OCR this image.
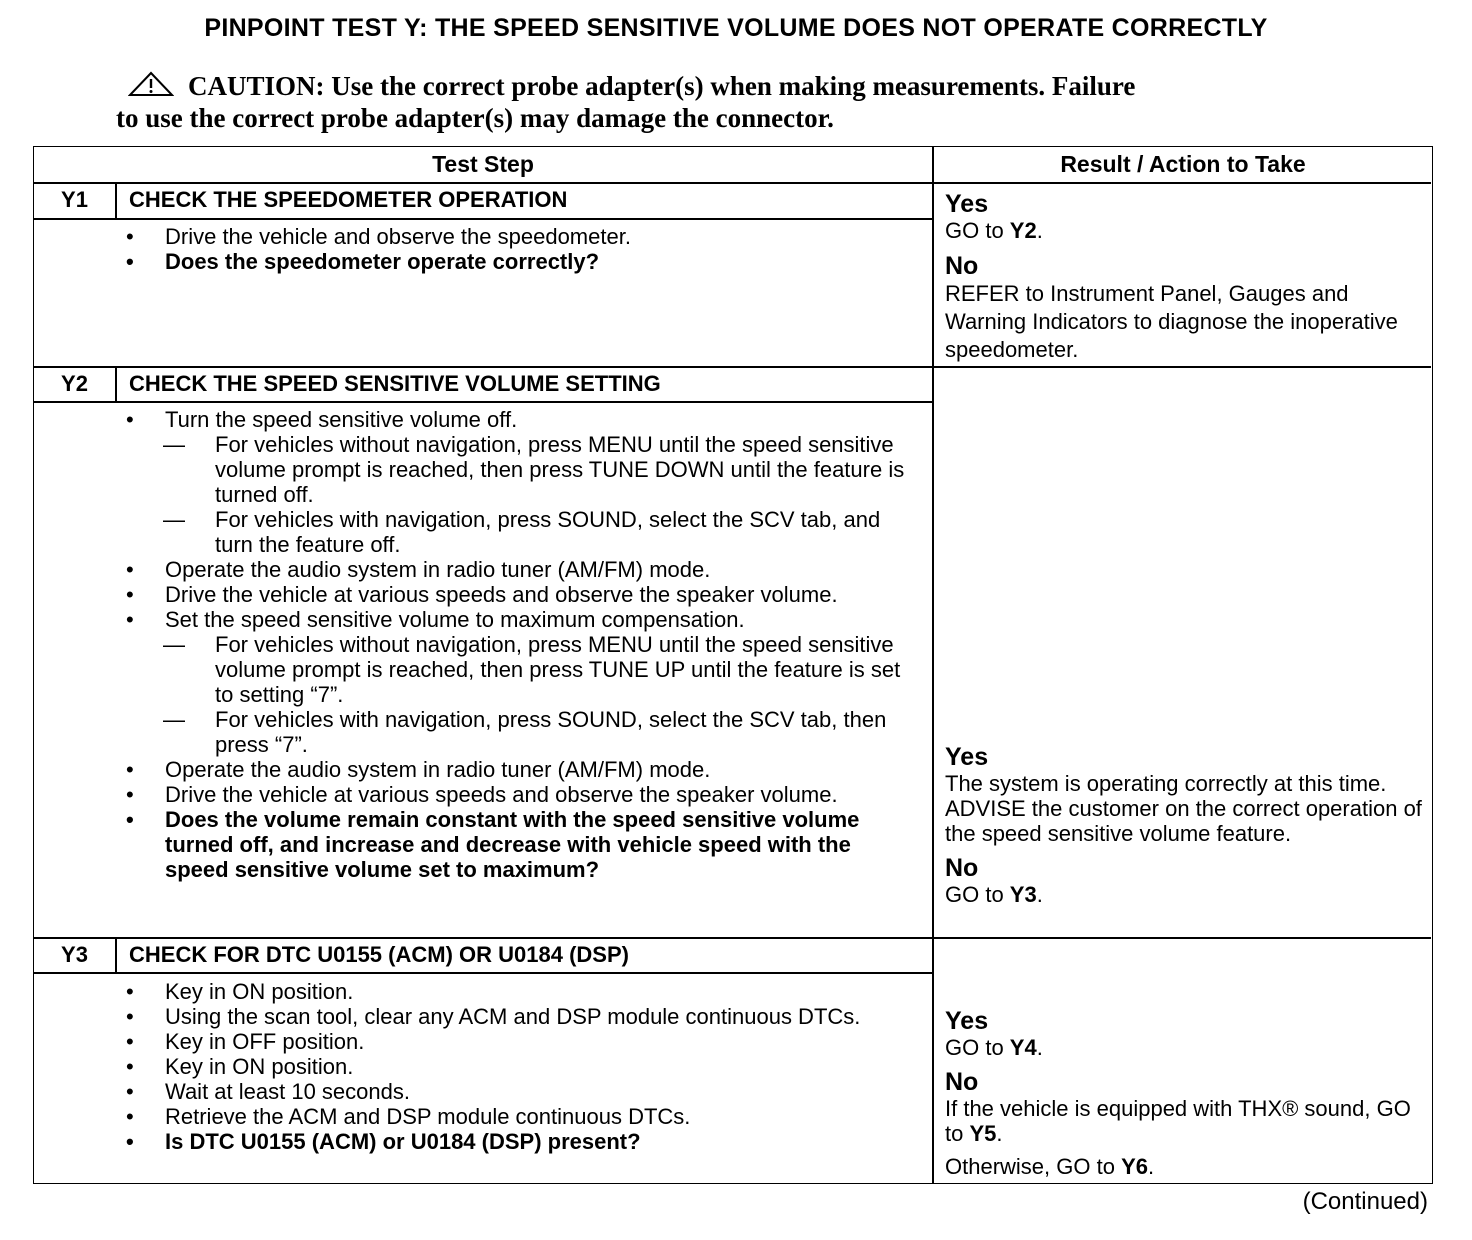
PINPOINT TEST Y: THE SPEED SENSITIVE VOLUME DOES NOT OPERATE CORRECTLY
CAUTION: Use the correct probe adapter(s) when making measurements. Failure
to use the correct probe adapter(s) may damage the connector.
Test Step	Result / Action to Take
Y1	CHECK THE SPEEDOMETER OPERATION
• Drive the vehicle and observe the speedometer.
• Does the speedometer operate correctly?
Yes
GO to Y2.
No
REFER to Instrument Panel, Gauges and Warning Indicators to diagnose the inoperative speedometer.
Y2	CHECK THE SPEED SENSITIVE VOLUME SETTING
• Turn the speed sensitive volume off.
— For vehicles without navigation, press MENU until the speed sensitive volume prompt is reached, then press TUNE DOWN until the feature is turned off.
— For vehicles with navigation, press SOUND, select the SCV tab, and turn the feature off.
• Operate the audio system in radio tuner (AM/FM) mode.
• Drive the vehicle at various speeds and observe the speaker volume.
• Set the speed sensitive volume to maximum compensation.
— For vehicles without navigation, press MENU until the speed sensitive volume prompt is reached, then press TUNE UP until the feature is set to setting “7”.
— For vehicles with navigation, press SOUND, select the SCV tab, then press “7”.
• Operate the audio system in radio tuner (AM/FM) mode.
• Drive the vehicle at various speeds and observe the speaker volume.
• Does the volume remain constant with the speed sensitive volume turned off, and increase and decrease with vehicle speed with the speed sensitive volume set to maximum?
Yes
The system is operating correctly at this time. ADVISE the customer on the correct operation of the speed sensitive volume feature.
No
GO to Y3.
Y3	CHECK FOR DTC U0155 (ACM) OR U0184 (DSP)
• Key in ON position.
• Using the scan tool, clear any ACM and DSP module continuous DTCs.
• Key in OFF position.
• Key in ON position.
• Wait at least 10 seconds.
• Retrieve the ACM and DSP module continuous DTCs.
• Is DTC U0155 (ACM) or U0184 (DSP) present?
Yes
GO to Y4.
No
If the vehicle is equipped with THX® sound, GO to Y5.
Otherwise, GO to Y6.
(Continued)
